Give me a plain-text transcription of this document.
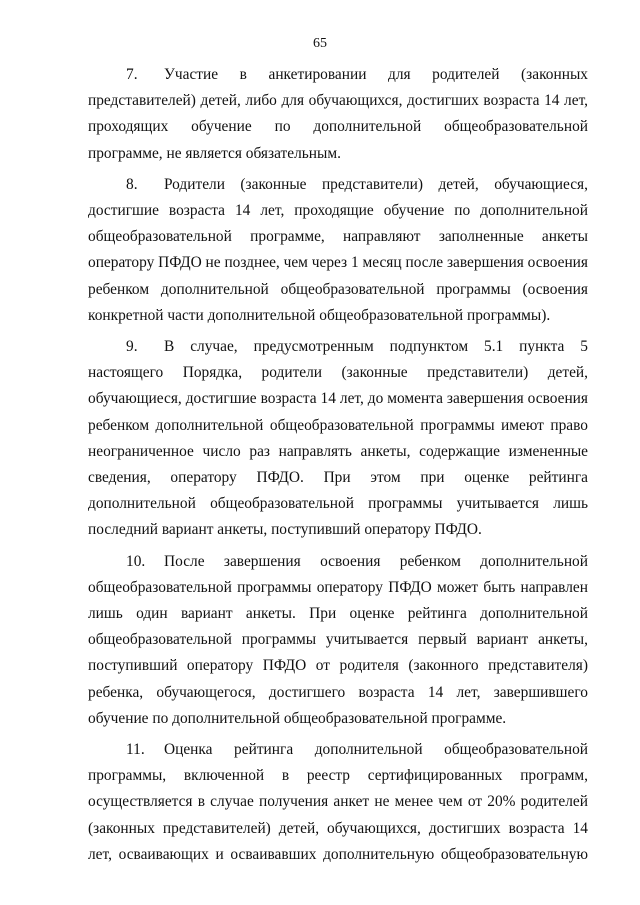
65

7. Участие в анкетировании для родителей (законных представителей) детей, либо для обучающихся, достигших возраста 14 лет, проходящих обучение по дополнительной общеобразовательной программе, не является обязательным.

8. Родители (законные представители) детей, обучающиеся, достигшие возраста 14 лет, проходящие обучение по дополнительной общеобразовательной программе, направляют заполненные анкеты оператору ПФДО не позднее, чем через 1 месяц после завершения освоения ребенком дополнительной общеобразовательной программы (освоения конкретной части дополнительной общеобразовательной программы).

9. В случае, предусмотренным подпунктом 5.1 пункта 5 настоящего Порядка, родители (законные представители) детей, обучающиеся, достигшие возраста 14 лет, до момента завершения освоения ребенком дополнительной общеобразовательной программы имеют право неограниченное число раз направлять анкеты, содержащие измененные сведения, оператору ПФДО. При этом при оценке рейтинга дополнительной общеобразовательной программы учитывается лишь последний вариант анкеты, поступивший оператору ПФДО.

10. После завершения освоения ребенком дополнительной общеобразовательной программы оператору ПФДО может быть направлен лишь один вариант анкеты. При оценке рейтинга дополнительной общеобразовательной программы учитывается первый вариант анкеты, поступивший оператору ПФДО от родителя (законного представителя) ребенка, обучающегося, достигшего возраста 14 лет, завершившего обучение по дополнительной общеобразовательной программе.

11. Оценка рейтинга дополнительной общеобразовательной программы, включенной в реестр сертифицированных программ, осуществляется в случае получения анкет не менее чем от 20% родителей (законных представителей) детей, обучающихся, достигших возраста 14 лет, осваивающих и осваивавших дополнительную общеобразовательную
